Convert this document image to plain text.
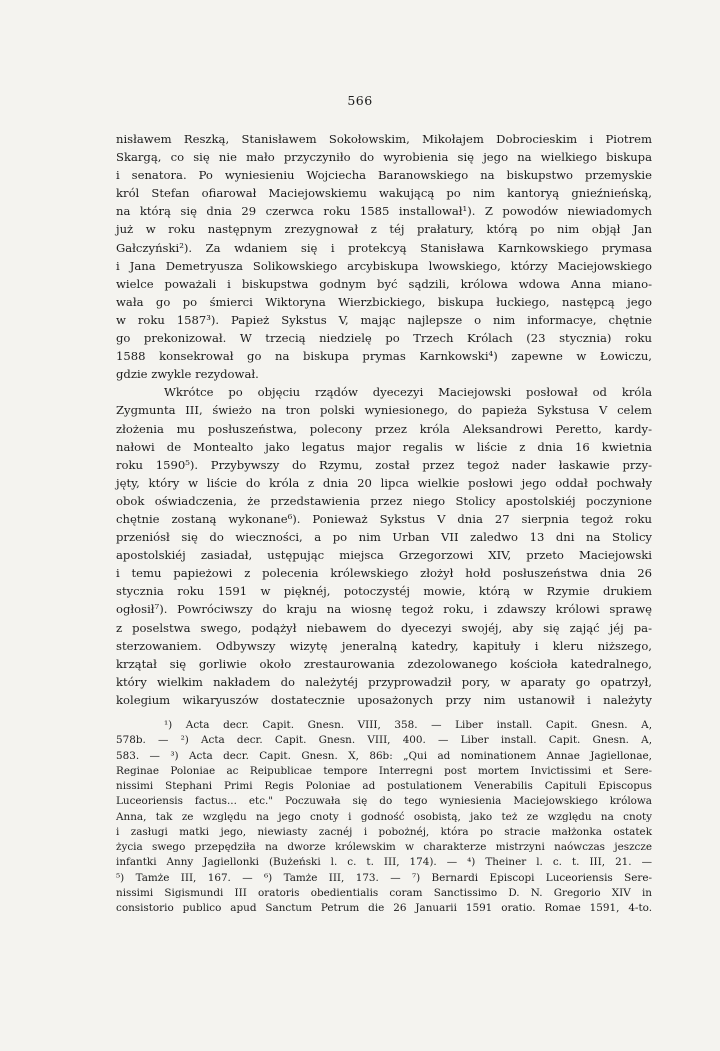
566
nisławem Reszką, Stanisławem Sokołowskim, Mikołajem Dobrocieskim i Piotrem
Skargą, co się nie mało przyczyniło do wyrobienia się jego na wielkiego biskupa
i senatora. Po wyniesieniu Wojciecha Baranowskiego na biskupstwo przemyskie
król Stefan ofiarował Maciejowskiemu wakującą po nim kantoryą gnieźnieńską,
na którą się dnia 29 czerwca roku 1585 installował¹). Z powodów niewiadomych
już w roku następnym zrezygnował z téj prałatury, którą po nim objął Jan
Gałczyński²). Za wdaniem się i protekcyą Stanisława Karnkowskiego prymasa
i Jana Demetryusza Solikowskiego arcybiskupa lwowskiego, którzy Maciejowskiego
wielce poważali i biskupstwa godnym być sądzili, królowa wdowa Anna miano-
wała go po śmierci Wiktoryna Wierzbickiego, biskupa łuckiego, następcą jego
w roku 1587³). Papież Sykstus V, mając najlepsze o nim informacye, chętnie
go prekonizował. W trzecią niedzielę po Trzech Królach (23 stycznia) roku
1588 konsekrował go na biskupa prymas Karnkowski⁴) zapewne w Łowiczu,
gdzie zwykle rezydował.
Wkrótce po objęciu rządów dyecezyi Maciejowski posłował od króla
Zygmunta III, świeżo na tron polski wyniesionego, do papieża Sykstusa V celem
złożenia mu posłuszeństwa, polecony przez króla Aleksandrowi Peretto, kardy-
nałowi de Montealto jako legatus major regalis w liście z dnia 16 kwietnia
roku 1590⁵). Przybywszy do Rzymu, został przez tegoż nader łaskawie przy-
jęty, który w liście do króla z dnia 20 lipca wielkie posłowi jego oddał pochwały
obok oświadczenia, że przedstawienia przez niego Stolicy apostolskiéj poczynione
chętnie zostaną wykonane⁶). Ponieważ Sykstus V dnia 27 sierpnia tegoż roku
przeniósł się do wieczności, a po nim Urban VII zaledwo 13 dni na Stolicy
apostolskiéj zasiadał, ustępując miejsca Grzegorzowi XIV, przeto Maciejowski
i temu papieżowi z polecenia królewskiego złożył hołd posłuszeństwa dnia 26
stycznia roku 1591 w pięknéj, potoczystéj mowie, którą w Rzymie drukiem
ogłosił⁷). Powróciwszy do kraju na wiosnę tegoż roku, i zdawszy królowi sprawę
z poselstwa swego, podążył niebawem do dyecezyi swojéj, aby się zająć jéj pa-
sterzowaniem. Odbywszy wizytę jeneralną katedry, kapituły i kleru niższego,
krzątał się gorliwie około zrestaurowania zdezolowanego kościoła katedralnego,
który wielkim nakładem do należytéj przyprowadził pory, w aparaty go opatrzył,
kolegium wikaryuszów dostatecznie uposażonych przy nim ustanowił i należyty
¹) Acta decr. Capit. Gnesn. VIII, 358. — Liber install. Capit. Gnesn. A,
578b. — ²) Acta decr. Capit. Gnesn. VIII, 400. — Liber install. Capit. Gnesn. A,
583. — ³) Acta decr. Capit. Gnesn. X, 86b: „Qui ad nominationem Annae Jagiellonae,
Reginae Poloniae ac Reipublicae tempore Interregni post mortem Invictissimi et Sere-
nissimi Stephani Primi Regis Poloniae ad postulationem Venerabilis Capituli Episcopus
Luceoriensis factus... etc." Poczuwała się do tego wyniesienia Maciejowskiego królowa
Anna, tak ze względu na jego cnoty i godność osobistą, jako też ze względu na cnoty
i zasługi matki jego, niewiasty zacnéj i pobożnéj, która po stracie małżonka ostatek
życia swego przepędziła na dworze królewskim w charakterze mistrzyni naówczas jeszcze
infantki Anny Jagiellonki (Bużeński l. c. t. III, 174). — ⁴) Theiner l. c. t. III, 21. —
⁵) Tamże III, 167. — ⁶) Tamże III, 173. — ⁷) Bernardi Episcopi Luceoriensis Sere-
nissimi Sigismundi III oratoris obedientialis coram Sanctissimo D. N. Gregorio XIV in
consistorio publico apud Sanctum Petrum die 26 Januarii 1591 oratio. Romae 1591, 4-to.
